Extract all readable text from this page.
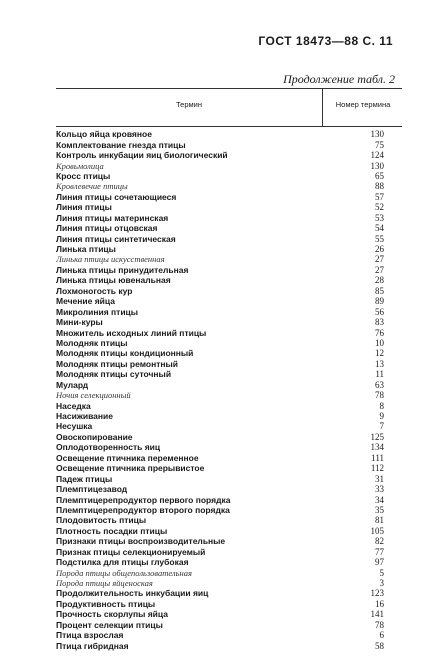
ГОСТ 18473—88 С. 11
Продолжение табл. 2
Термин	Номер термина
Кольцо яйца кровяное	130
Комплектование гнезда птицы	75
Контроль инкубации яиц биологический	124
Кровьмолица	130
Кросс птицы	65
Кровлевечие птицы	88
Линия птицы сочетающиеся	57
Линия птицы	52
Линия птицы материнская	53
Линия птицы отцовская	54
Линия птицы синтетическая	55
Линька птицы	26
Линька птицы искусственная	27
Линька птицы принудительная	27
Линька птицы ювенальная	28
Лохмоногость кур	85
Мечение яйца	89
Микролиния птицы	56
Мини-куры	83
Множитель исходных линий птицы	76
Молодняк птицы	10
Молодняк птицы кондиционный	12
Молодняк птицы ремонтный	13
Молодняк птицы суточный	11
Мулард	63
Ночия селекционный	78
Наседка	8
Насиживание	9
Несушка	7
Овоскопирование	125
Оплодотворенность яиц	134
Освещение птичника переменное	111
Освещение птичника прерывистое	112
Падеж птицы	31
Племптицезавод	33
Племптицерепродуктор первого порядка	34
Племптицерепродуктор второго порядка	35
Плодовитость птицы	81
Плотность посадки птицы	105
Признаки птицы воспроизводительные	82
Признак птицы селекционируемый	77
Подстилка для птицы глубокая	97
Порода птицы общепользовательная	5
Порода птицы яйценоская	3
Продолжительность инкубации яиц	123
Продуктивность птицы	16
Прочность скорлупы яйца	141
Процент селекции птицы	78
Птица взрослая	6
Птица гибридная	58
